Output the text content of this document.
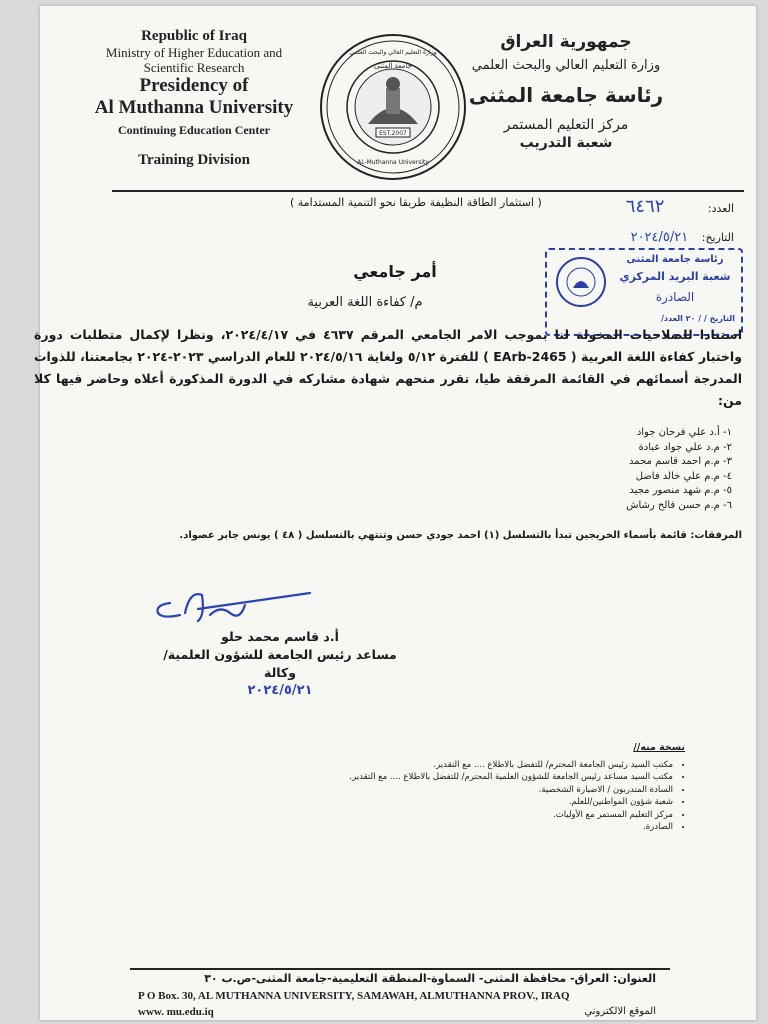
Republic of Iraq
Ministry of Higher Education and
Scientific Research
Presidency of
Al Muthanna University
Continuing Education Center
Training Division
EST.2007
جامعة المثنى
وزارة التعليم العالي والبحث العلمي
AL-Muthanna University
جمهورية العراق
وزارة التعليم العالي والبحث العلمي
رئاسة جامعة المثنى
مركز التعليم المستمر
شعبة التدريب
العدد: ٦٤٦٢
( استثمار الطاقة النظيفة طريقا نحو التنمية المستدامة )
التاريخ: ٢٠٢٤/٥/٢١
رئاسة جامعة المثنى
شعبة البريد المركزي
الصادرة
التاريخ / / ٢٠ العدد/
أمر جامعي
م/ كفاءة اللغة العربية
استنادا للصلاحيات المخولة لنا بموجب الامر الجامعي المرقم ٤٦٣٧ في ٢٠٢٤/٤/١٧، ونظرا لإكمال متطلبات دورة واختبار كفاءة اللغة العربية ( EArb-2465 ) للفترة ٥/١٢ ولغاية ٢٠٢٤/٥/١٦ للعام الدراسي ٢٠٢٣-٢٠٢٤ بجامعتنا، للذوات المدرجة أسمائهم في القائمة المرفقة طيا، تقرر منحهم شهادة مشاركه في الدورة المذكورة أعلاه وحاضر فيها كلا من:
١- أ.د علي فرحان جواد
٢- م.د علي جواد عبادة
٣- م.م احمد قاسم محمد
٤- م.م علي خالد فاضل
٥- م.م شهد منصور مجيد
٦- م.م حسن فالح رشاش
المرفقات: قائمة بأسماء الخريجين تبدأ بالتسلسل (١) احمد جودي حسن وتنتهي بالتسلسل ( ٤٨ ) يونس جابر عصواد.
أ.د قاسم محمد حلو
مساعد رئيس الجامعة للشؤون العلمية/ وكالة
٢٠٢٤/٥/٢١
نسخة منه//
• مكتب السيد رئيس الجامعة المحترم/ للتفضل بالاطلاع .... مع التقدير.
• مكتب السيد مساعد رئيس الجامعة للشؤون العلمية المحترم/ للتفضل بالاطلاع .... مع التقدير.
• السادة المتدربون / الاضبارة الشخصية.
• شعبة شؤون المواطنين/للعلم.
• مركز التعليم المستمر مع الأوليات.
• الصادرة.
العنوان: العراق- محافظة المثنى- السماوة-المنطقة التعليمية-جامعة المثنى-ص.ب ٣٠
P O Box. 30, AL MUTHANNA UNIVERSITY, SAMAWAH, ALMUTHANNA PROV., IRAQ
www. mu.edu.iq	الموقع الالكتروني
